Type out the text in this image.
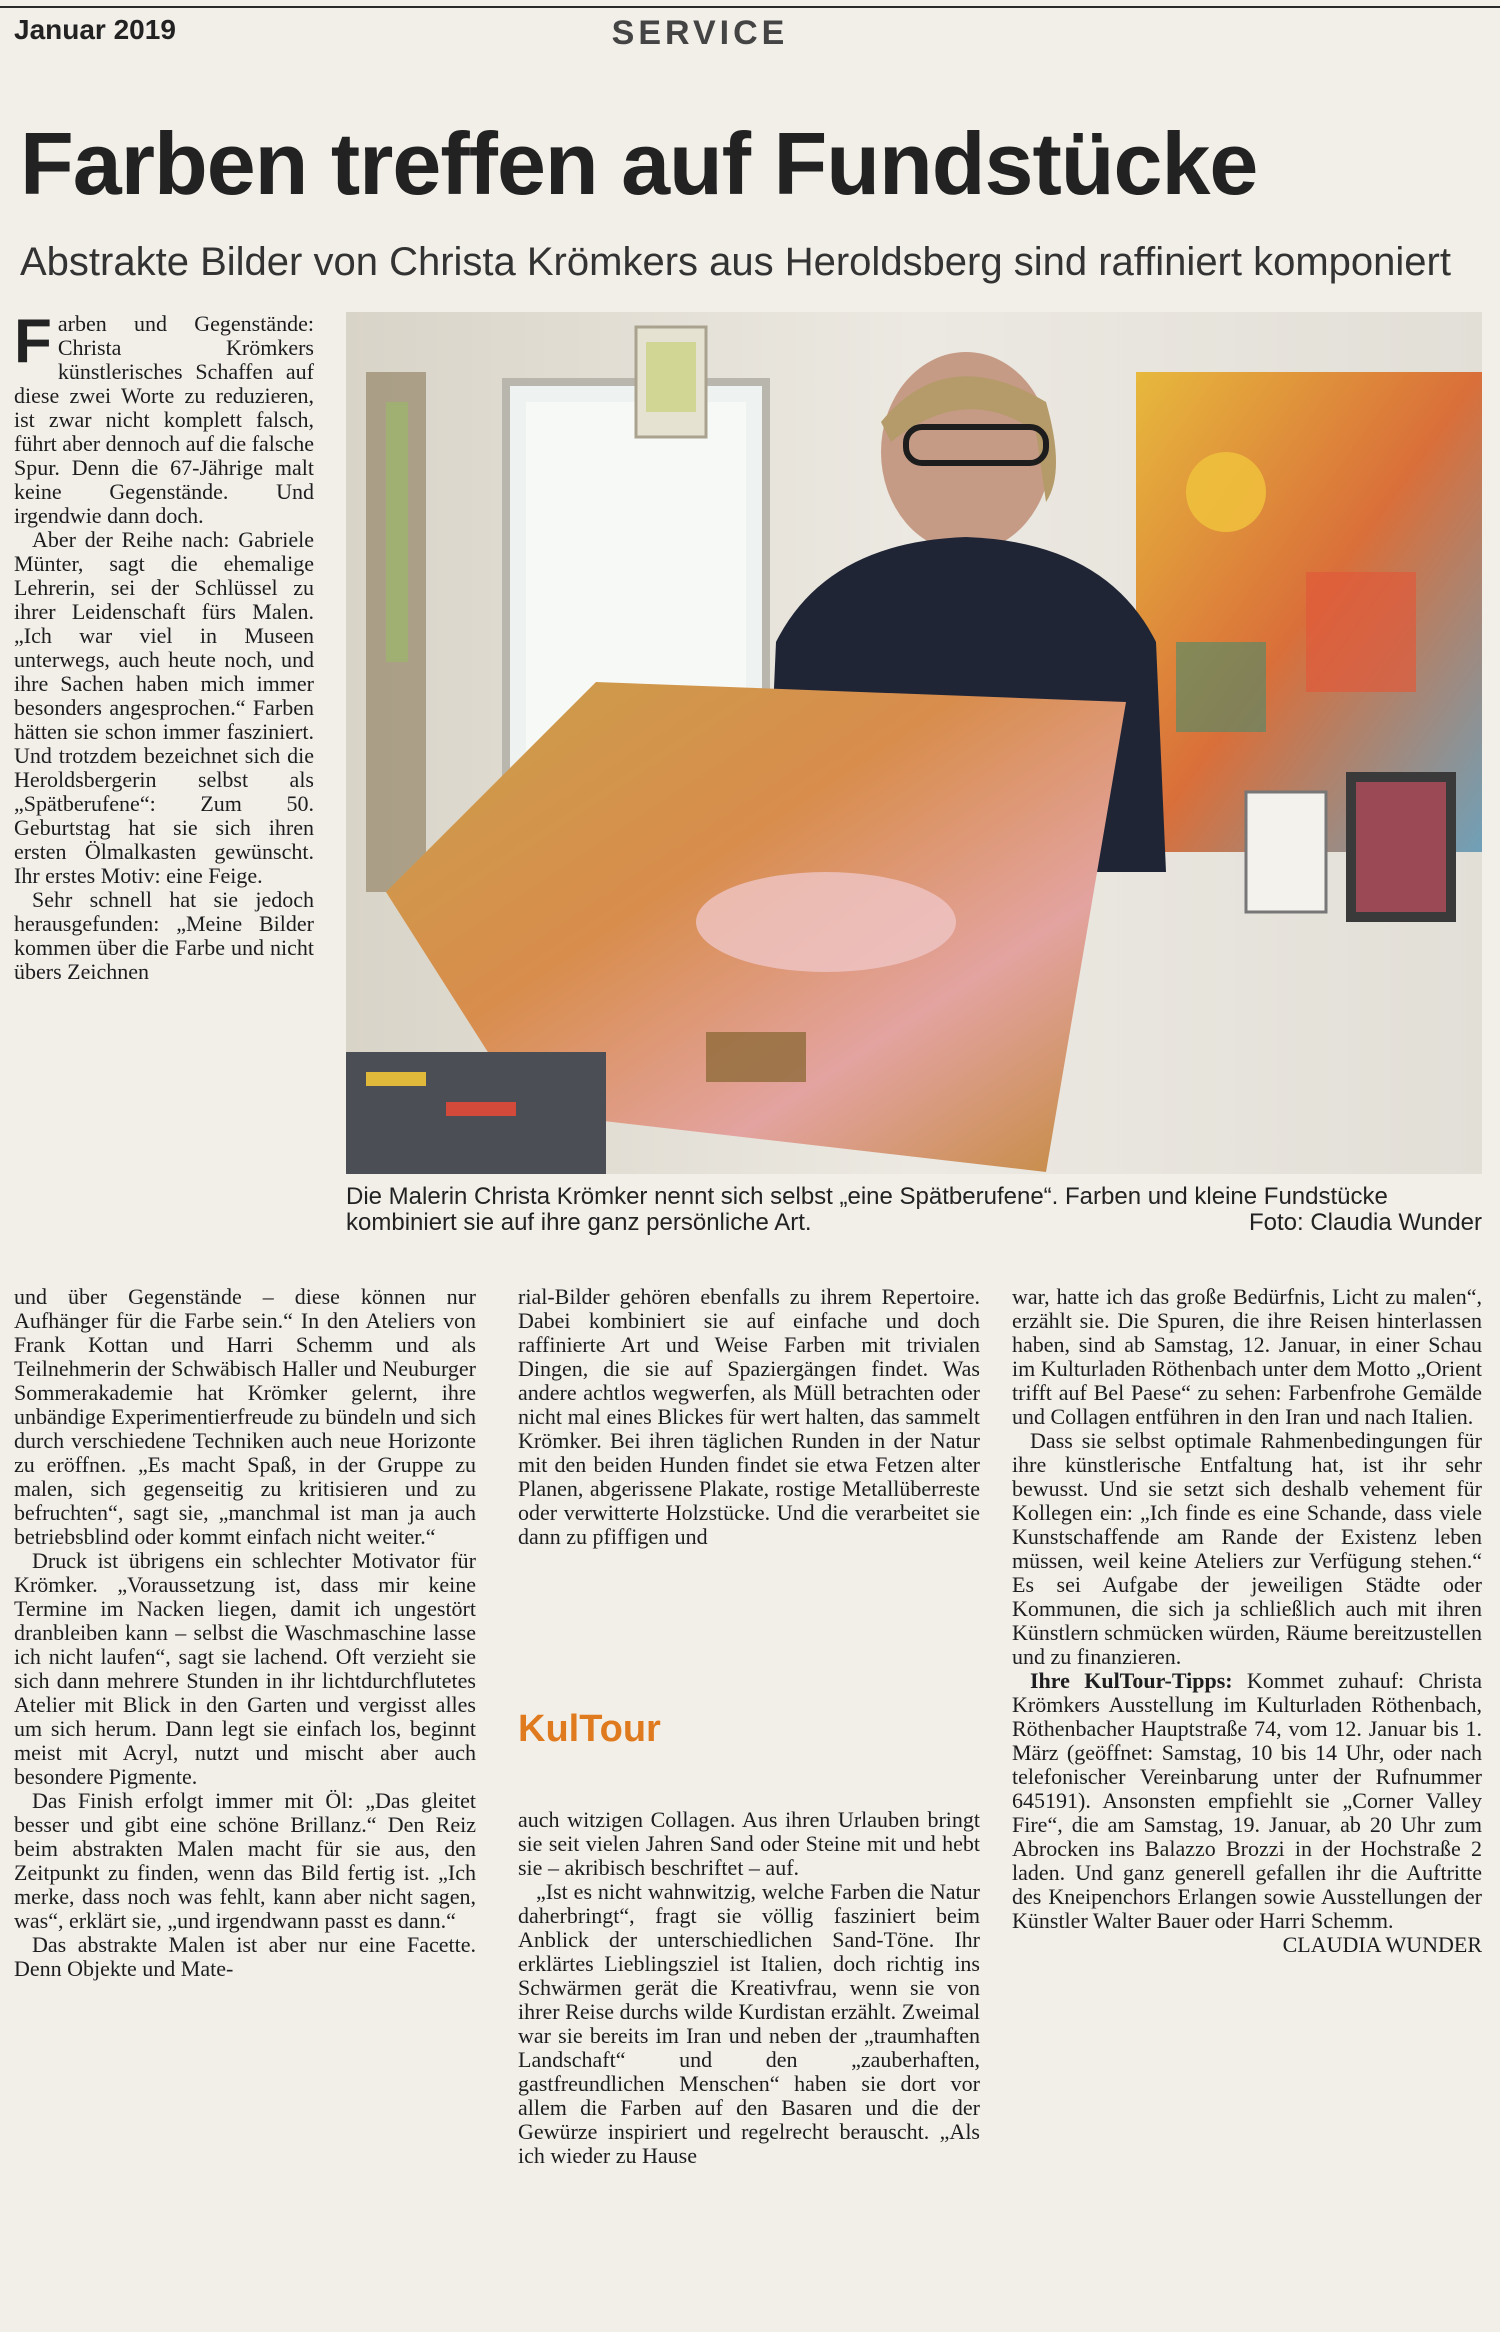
Januar 2019	SERVICE
Farben treffen auf Fundstücke
Abstrakte Bilder von Christa Krömkers aus Heroldsberg sind raffiniert komponiert

Farben und Gegenstände: Christa Krömkers künstlerisches Schaffen auf diese zwei Worte zu reduzieren, ist zwar nicht komplett falsch, führt aber dennoch auf die falsche Spur. Denn die 67-Jährige malt keine Gegenstände. Und irgendwie dann doch.

Aber der Reihe nach: Gabriele Münter, sagt die ehemalige Lehrerin, sei der Schlüssel zu ihrer Leidenschaft fürs Malen. „Ich war viel in Museen unterwegs, auch heute noch, und ihre Sachen haben mich immer besonders angesprochen.“ Farben hätten sie schon immer fasziniert. Und trotzdem bezeichnet sich die Heroldsbergerin selbst als „Spätberufene“: Zum 50. Geburtstag hat sie sich ihren ersten Ölmalkasten gewünscht. Ihr erstes Motiv: eine Feige.

Sehr schnell hat sie jedoch herausgefunden: „Meine Bilder kommen über die Farbe und nicht übers Zeichnen

Die Malerin Christa Krömker nennt sich selbst „eine Spätberufene“. Farben und kleine Fundstücke kombiniert sie auf ihre ganz persönliche Art.	Foto: Claudia Wunder

und über Gegenstände – diese können nur Aufhänger für die Farbe sein.“ In den Ateliers von Frank Kottan und Harri Schemm und als Teilnehmerin der Schwäbisch Haller und Neuburger Sommerakademie hat Krömker gelernt, ihre unbändige Experimentierfreude zu bündeln und sich durch verschiedene Techniken auch neue Horizonte zu eröffnen. „Es macht Spaß, in der Gruppe zu malen, sich gegenseitig zu kritisieren und zu befruchten“, sagt sie, „manchmal ist man ja auch betriebsblind oder kommt einfach nicht weiter.“

Druck ist übrigens ein schlechter Motivator für Krömker. „Voraussetzung ist, dass mir keine Termine im Nacken liegen, damit ich ungestört dranbleiben kann – selbst die Waschmaschine lasse ich nicht laufen“, sagt sie lachend. Oft verzieht sie sich dann mehrere Stunden in ihr lichtdurchflutetes Atelier mit Blick in den Garten und vergisst alles um sich herum. Dann legt sie einfach los, beginnt meist mit Acryl, nutzt und mischt aber auch besondere Pigmente.

Das Finish erfolgt immer mit Öl: „Das gleitet besser und gibt eine schöne Brillanz.“ Den Reiz beim abstrakten Malen macht für sie aus, den Zeitpunkt zu finden, wenn das Bild fertig ist. „Ich merke, dass noch was fehlt, kann aber nicht sagen, was“, erklärt sie, „und irgendwann passt es dann.“

Das abstrakte Malen ist aber nur eine Facette. Denn Objekte und Mate-

rial-Bilder gehören ebenfalls zu ihrem Repertoire. Dabei kombiniert sie auf einfache und doch raffinierte Art und Weise Farben mit trivialen Dingen, die sie auf Spaziergängen findet. Was andere achtlos wegwerfen, als Müll betrachten oder nicht mal eines Blickes für wert halten, das sammelt Krömker. Bei ihren täglichen Runden in der Natur mit den beiden Hunden findet sie etwa Fetzen alter Planen, abgerissene Plakate, rostige Metallüberreste oder verwitterte Holzstücke. Und die verarbeitet sie dann zu pfiffigen und

KulTour

auch witzigen Collagen. Aus ihren Urlauben bringt sie seit vielen Jahren Sand oder Steine mit und hebt sie – akribisch beschriftet – auf.

„Ist es nicht wahnwitzig, welche Farben die Natur daherbringt“, fragt sie völlig fasziniert beim Anblick der unterschiedlichen Sand-Töne. Ihr erklärtes Lieblingsziel ist Italien, doch richtig ins Schwärmen gerät die Kreativfrau, wenn sie von ihrer Reise durchs wilde Kurdistan erzählt. Zweimal war sie bereits im Iran und neben der „traumhaften Landschaft“ und den „zauberhaften, gastfreundlichen Menschen“ haben sie dort vor allem die Farben auf den Basaren und die der Gewürze inspiriert und regelrecht berauscht. „Als ich wieder zu Hause

war, hatte ich das große Bedürfnis, Licht zu malen“, erzählt sie. Die Spuren, die ihre Reisen hinterlassen haben, sind ab Samstag, 12. Januar, in einer Schau im Kulturladen Röthenbach unter dem Motto „Orient trifft auf Bel Paese“ zu sehen: Farbenfrohe Gemälde und Collagen entführen in den Iran und nach Italien.

Dass sie selbst optimale Rahmenbedingungen für ihre künstlerische Entfaltung hat, ist ihr sehr bewusst. Und sie setzt sich deshalb vehement für Kollegen ein: „Ich finde es eine Schande, dass viele Kunstschaffende am Rande der Existenz leben müssen, weil keine Ateliers zur Verfügung stehen.“ Es sei Aufgabe der jeweiligen Städte oder Kommunen, die sich ja schließlich auch mit ihren Künstlern schmücken würden, Räume bereitzustellen und zu finanzieren.

Ihre KulTour-Tipps: Kommet zuhauf: Christa Krömkers Ausstellung im Kulturladen Röthenbach, Röthenbacher Hauptstraße 74, vom 12. Januar bis 1. März (geöffnet: Samstag, 10 bis 14 Uhr, oder nach telefonischer Vereinbarung unter der Rufnummer 645191). Ansonsten empfiehlt sie „Corner Valley Fire“, die am Samstag, 19. Januar, ab 20 Uhr zum Abrocken ins Balazzo Brozzi in der Hochstraße 2 laden. Und ganz generell gefallen ihr die Auftritte des Kneipenchors Erlangen sowie Ausstellungen der Künstler Walter Bauer oder Harri Schemm.

CLAUDIA WUNDER
